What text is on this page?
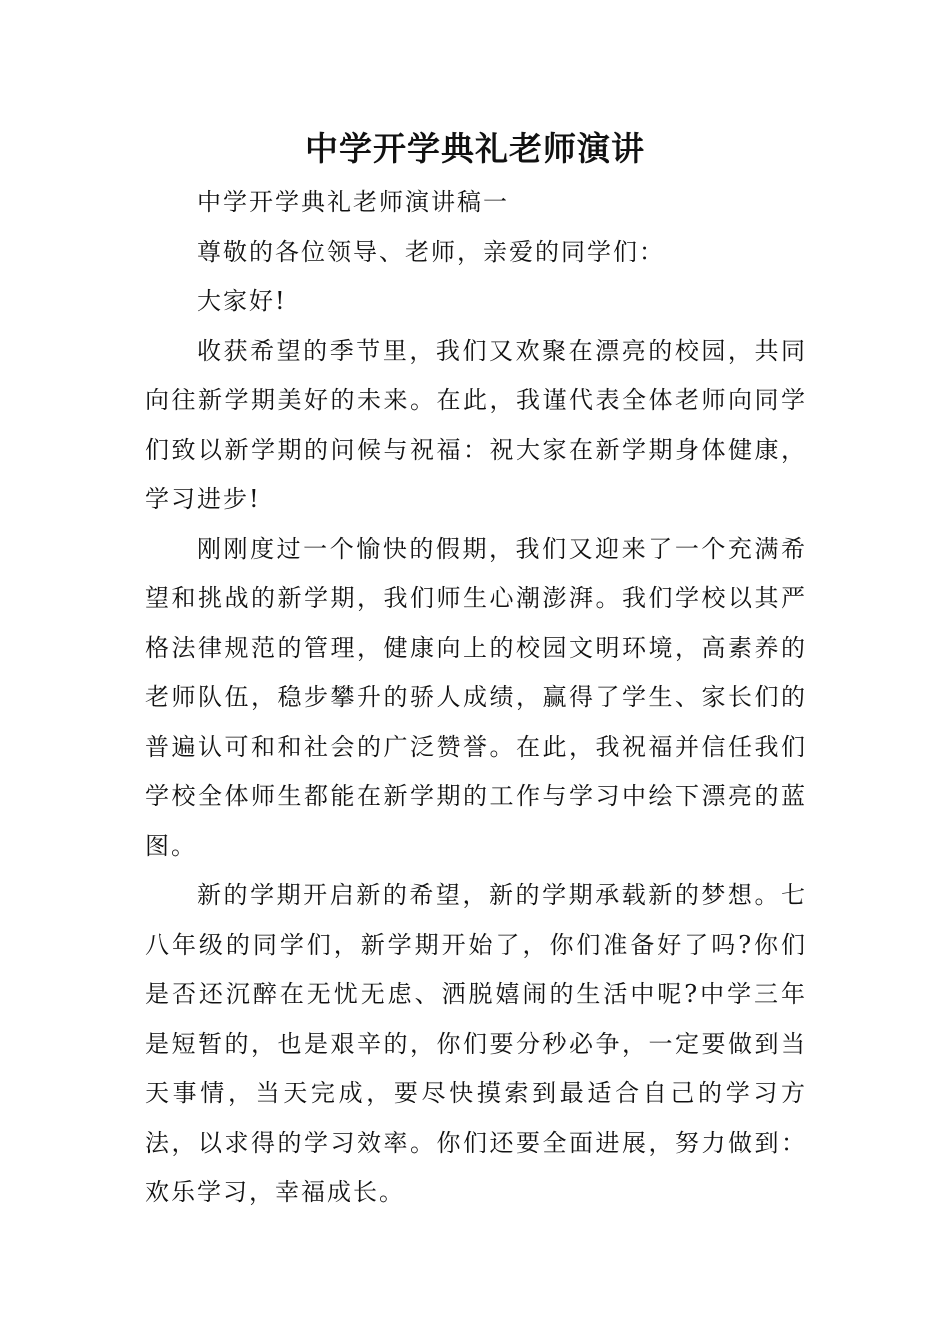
中学开学典礼老师演讲

中学开学典礼老师演讲稿一

尊敬的各位领导、老师，亲爱的同学们：

大家好!

收获希望的季节里，我们又欢聚在漂亮的校园，共同向往新学期美好的未来。在此，我谨代表全体老师向同学们致以新学期的问候与祝福：祝大家在新学期身体健康，学习进步!

刚刚度过一个愉快的假期，我们又迎来了一个充满希望和挑战的新学期，我们师生心潮澎湃。我们学校以其严格法律规范的管理，健康向上的校园文明环境，高素养的老师队伍，稳步攀升的骄人成绩，赢得了学生、家长们的普遍认可和和社会的广泛赞誉。在此，我祝福并信任我们学校全体师生都能在新学期的工作与学习中绘下漂亮的蓝图。

新的学期开启新的希望，新的学期承载新的梦想。七八年级的同学们，新学期开始了，你们准备好了吗?你们是否还沉醉在无忧无虑、洒脱嬉闹的生活中呢?中学三年是短暂的，也是艰辛的，你们要分秒必争，一定要做到当天事情，当天完成，要尽快摸索到最适合自己的学习方法，以求得的学习效率。你们还要全面进展，努力做到：欢乐学习，幸福成长。
